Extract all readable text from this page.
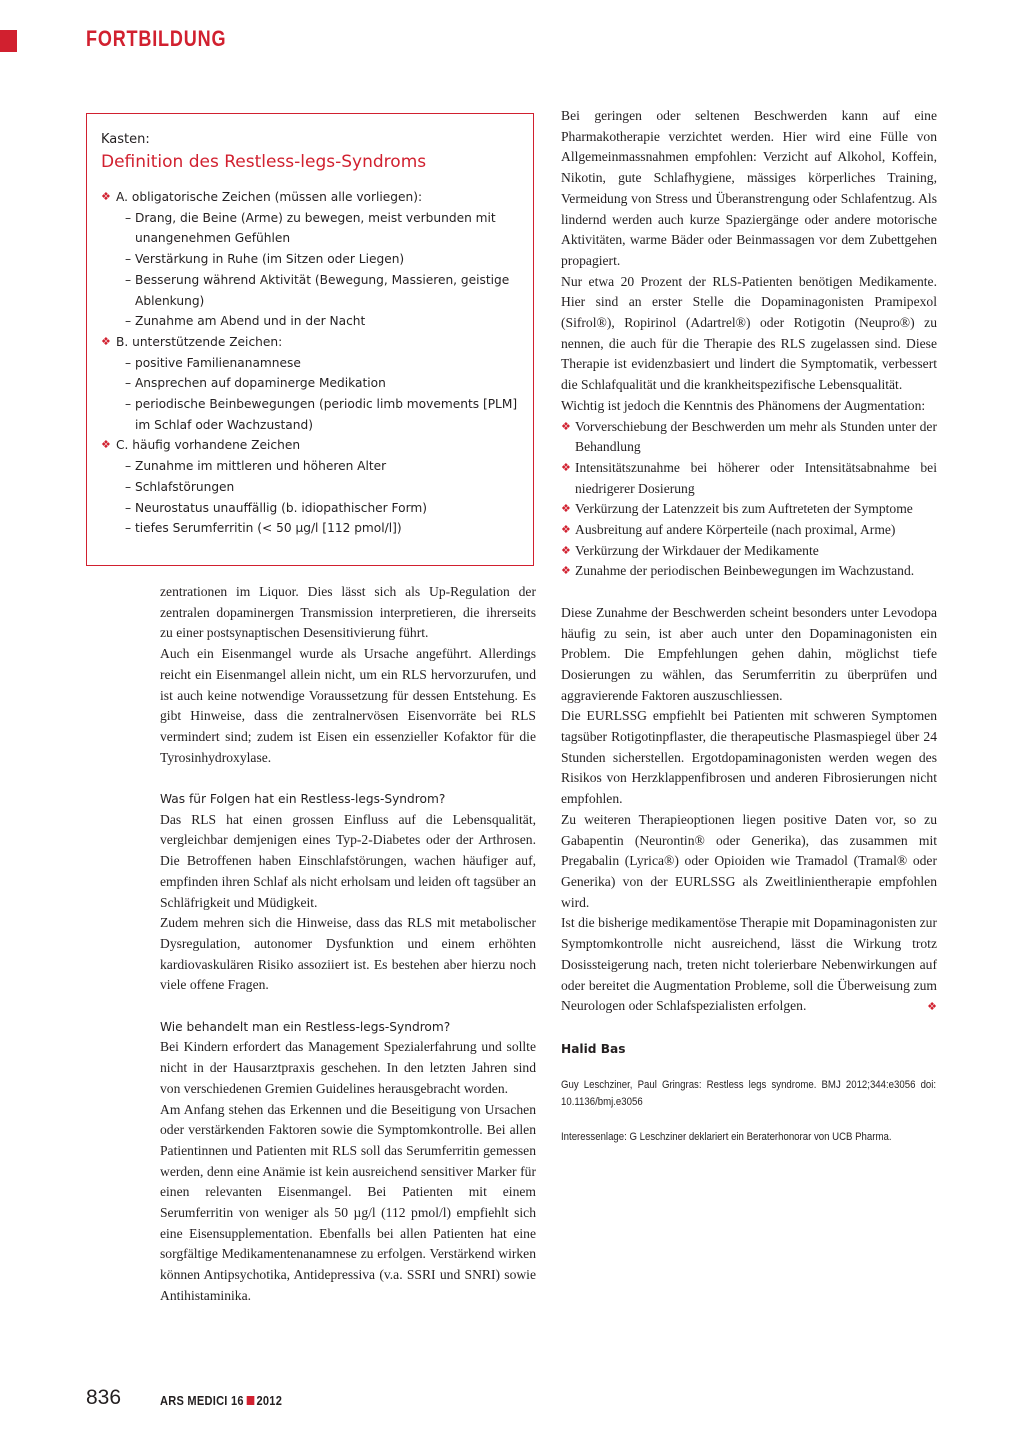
FORTBILDUNG

Kasten:

Definition des Restless-legs-Syndroms
❖ A. obligatorische Zeichen (müssen alle vorliegen):
– Drang, die Beine (Arme) zu bewegen, meist verbunden mit unangenehmen Gefühlen
– Verstärkung in Ruhe (im Sitzen oder Liegen)
– Besserung während Aktivität (Bewegung, Massieren, geistige Ablenkung)
– Zunahme am Abend und in der Nacht
❖ B. unterstützende Zeichen:
– positive Familienanamnese
– Ansprechen auf dopaminerge Medikation
– periodische Beinbewegungen (periodic limb movements [PLM] im Schlaf oder Wachzustand)
❖ C. häufig vorhandene Zeichen
– Zunahme im mittleren und höheren Alter
– Schlafstörungen
– Neurostatus unauffällig (b. idiopathischer Form)
– tiefes Serumferritin (< 50 µg/l [112 pmol/l])

zentrationen im Liquor. Dies lässt sich als Up-Regulation der zentralen dopaminergen Transmission interpretieren, die ihrerseits zu einer postsynaptischen Desensitivierung führt.

Auch ein Eisenmangel wurde als Ursache angeführt. Allerdings reicht ein Eisenmangel allein nicht, um ein RLS hervorzurufen, und ist auch keine notwendige Voraussetzung für dessen Entstehung. Es gibt Hinweise, dass die zentralnervösen Eisenvorräte bei RLS vermindert sind; zudem ist Eisen ein essenzieller Kofaktor für die Tyrosinhydroxylase.

Was für Folgen hat ein Restless-legs-Syndrom?

Das RLS hat einen grossen Einfluss auf die Lebensqualität, vergleichbar demjenigen eines Typ-2-Diabetes oder der Arthrosen. Die Betroffenen haben Einschlafstörungen, wachen häufiger auf, empfinden ihren Schlaf als nicht erholsam und leiden oft tagsüber an Schläfrigkeit und Müdigkeit.

Zudem mehren sich die Hinweise, dass das RLS mit metabolischer Dysregulation, autonomer Dysfunktion und einem erhöhten kardiovaskulären Risiko assoziiert ist. Es bestehen aber hierzu noch viele offene Fragen.

Wie behandelt man ein Restless-legs-Syndrom?

Bei Kindern erfordert das Management Spezialerfahrung und sollte nicht in der Hausarztpraxis geschehen. In den letzten Jahren sind von verschiedenen Gremien Guidelines herausgebracht worden.

Am Anfang stehen das Erkennen und die Beseitigung von Ursachen oder verstärkenden Faktoren sowie die Symptomkontrolle. Bei allen Patientinnen und Patienten mit RLS soll das Serumferritin gemessen werden, denn eine Anämie ist kein ausreichend sensitiver Marker für einen relevanten Eisenmangel. Bei Patienten mit einem Serumferritin von weniger als 50 µg/l (112 pmol/l) empfiehlt sich eine Eisensupplementation. Ebenfalls bei allen Patienten hat eine sorgfältige Medikamentenanamnese zu erfolgen. Verstärkend wirken können Antipsychotika, Antidepressiva (v.a. SSRI und SNRI) sowie Antihistaminika.

Bei geringen oder seltenen Beschwerden kann auf eine Pharmakotherapie verzichtet werden. Hier wird eine Fülle von Allgemeinmassnahmen empfohlen: Verzicht auf Alkohol, Koffein, Nikotin, gute Schlafhygiene, mässiges körperliches Training, Vermeidung von Stress und Überanstrengung oder Schlafentzug. Als lindernd werden auch kurze Spaziergänge oder andere motorische Aktivitäten, warme Bäder oder Beinmassagen vor dem Zubettgehen propagiert.

Nur etwa 20 Prozent der RLS-Patienten benötigen Medikamente. Hier sind an erster Stelle die Dopaminagonisten Pramipexol (Sifrol®), Ropirinol (Adartrel®) oder Rotigotin (Neupro®) zu nennen, die auch für die Therapie des RLS zugelassen sind. Diese Therapie ist evidenzbasiert und lindert die Symptomatik, verbessert die Schlafqualität und die krankheitspezifische Lebensqualität.

Wichtig ist jedoch die Kenntnis des Phänomens der Augmentation:

❖ Vorverschiebung der Beschwerden um mehr als Stunden unter der Behandlung
❖ Intensitätszunahme bei höherer oder Intensitätsabnahme bei niedrigerer Dosierung
❖ Verkürzung der Latenzzeit bis zum Auftreteten der Symptome
❖ Ausbreitung auf andere Körperteile (nach proximal, Arme)
❖ Verkürzung der Wirkdauer der Medikamente
❖ Zunahme der periodischen Beinbewegungen im Wachzustand.

Diese Zunahme der Beschwerden scheint besonders unter Levodopa häufig zu sein, ist aber auch unter den Dopaminagonisten ein Problem. Die Empfehlungen gehen dahin, möglichst tiefe Dosierungen zu wählen, das Serumferritin zu überprüfen und aggravierende Faktoren auszuschliessen.

Die EURLSSG empfiehlt bei Patienten mit schweren Symptomen tagsüber Rotigotinpflaster, die therapeutische Plasmaspiegel über 24 Stunden sicherstellen. Ergotdopaminagonisten werden wegen des Risikos von Herzklappenfibrosen und anderen Fibrosierungen nicht empfohlen.

Zu weiteren Therapieoptionen liegen positive Daten vor, so zu Gabapentin (Neurontin® oder Generika), das zusammen mit Pregabalin (Lyrica®) oder Opioiden wie Tramadol (Tramal® oder Generika) von der EURLSSG als Zweitlinientherapie empfohlen wird.

Ist die bisherige medikamentöse Therapie mit Dopaminagonisten zur Symptomkontrolle nicht ausreichend, lässt die Wirkung trotz Dosissteigerung nach, treten nicht tolerierbare Nebenwirkungen auf oder bereitet die Augmentation Probleme, soll die Überweisung zum Neurologen oder Schlafspezialisten erfolgen.	❖

Halid Bas

Guy Leschziner, Paul Gringras: Restless legs syndrome. BMJ 2012;344:e3056 doi: 10.1136/bmj.e3056

Interessenlage: G Leschziner deklariert ein Beraterhonorar von UCB Pharma.

836	ARS MEDICI 16 2012
